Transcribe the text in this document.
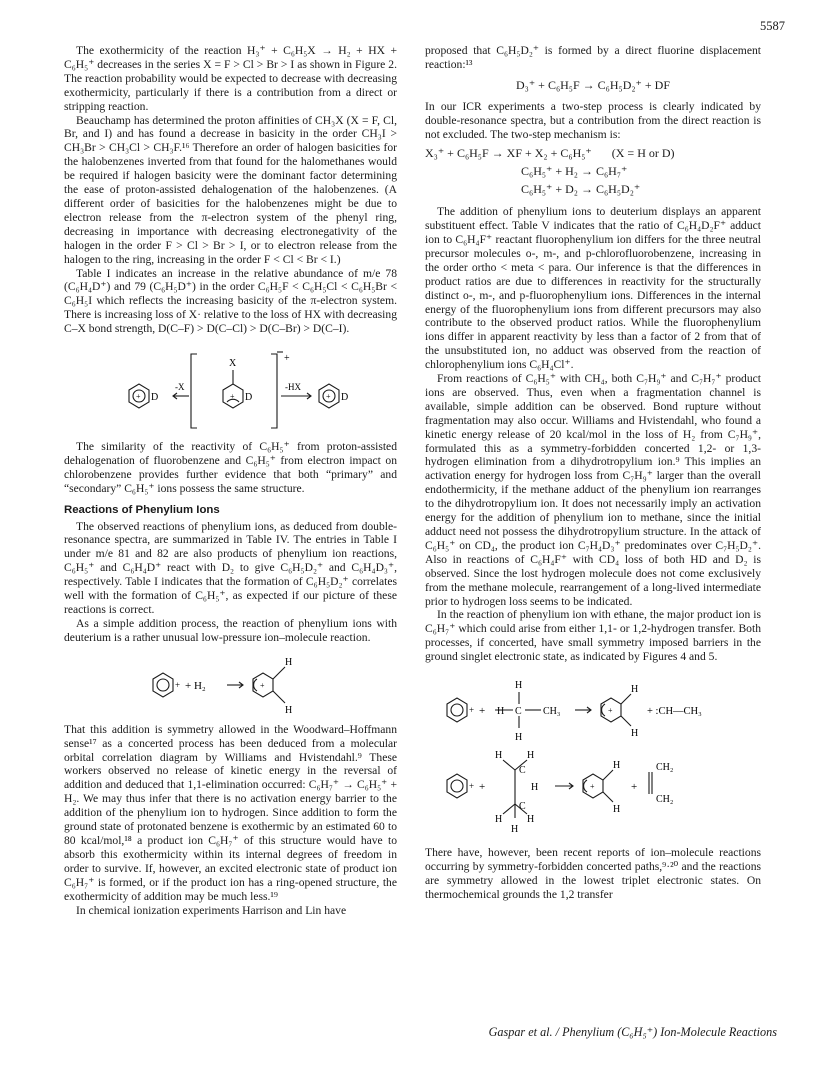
5587

The exothermicity of the reaction H₃⁺ + C₆H₅X → H₂ + HX + C₆H₅⁺ decreases in the series X = F > Cl > Br > I as shown in Figure 2. The reaction probability would be expected to decrease with decreasing exothermicity, particularly if there is a contribution from a direct or stripping reaction.

Beauchamp has determined the proton affinities of CH₃X (X = F, Cl, Br, and I) and has found a decrease in basicity in the order CH₃I > CH₃Br > CH₃Cl > CH₃F.¹⁶ Therefore an order of halogen basicities for the halobenzenes inverted from that found for the halomethanes would be required if halogen basicity were the dominant factor determining the ease of proton-assisted dehalogenation of the halobenzenes. (A different order of basicities for the halobenzenes might be due to electron release from the π-electron system of the phenyl ring, decreasing in importance with decreasing electronegativity of the halogen in the order F > Cl > Br > I, or to electron release from the halogen to the ring, increasing in the order F < Cl < Br < I.)

Table I indicates an increase in the relative abundance of m/e 78 (C₆H₄D⁺) and 79 (C₆H₅D⁺) in the order C₆H₅F < C₆H₅Cl < C₆H₅Br < C₆H₅I which reflects the increasing basicity of the π-electron system. There is increasing loss of X· relative to the loss of HX with decreasing C–X bond strength, D(C–F) > D(C–Cl) > D(C–Br) > D(C–I).

+ D
-X
X
+ D
+
-HX
+ D

The similarity of the reactivity of C₆H₅⁺ from proton-assisted dehalogenation of fluorobenzene and C₆H₅⁺ from electron impact on chlorobenzene provides further evidence that both “primary” and “secondary” C₆H₅⁺ ions possess the same structure.

Reactions of Phenylium Ions

The observed reactions of phenylium ions, as deduced from double-resonance spectra, are summarized in Table IV. The entries in Table I under m/e 81 and 82 are also products of phenylium ion reactions, C₆H₅⁺ and C₆H₄D⁺ react with D₂ to give C₆H₅D₂⁺ and C₆H₄D₃⁺, respectively. Table I indicates that the formation of C₆H₅D₂⁺ correlates well with the formation of C₆H₅⁺, as expected if our picture of these reactions is correct.

As a simple addition process, the reaction of phenylium ions with deuterium is a rather unusual low-pressure ion–molecule reaction.

+ + H₂	+
H
H

That this addition is symmetry allowed in the Woodward–Hoffmann sense¹⁷ as a concerted process has been deduced from a molecular orbital correlation diagram by Williams and Hvistendahl.⁹ These workers observed no release of kinetic energy in the reversal of addition and deduced that 1,1-elimination occurred: C₆H₇⁺ → C₆H₅⁺ + H₂. We may thus infer that there is no activation energy barrier to the addition of the phenylium ion to hydrogen. Since addition to form the ground state of protonated benzene is exothermic by an estimated 60 to 80 kcal/mol,¹⁸ a product ion C₆H₇⁺ of this structure would have to absorb this exothermicity within its internal degrees of freedom in order to survive. If, however, an excited electronic state of product ion C₆H₇⁺ is formed, or if the product ion has a ring-opened structure, the exothermicity of addition may be much less.¹⁹

In chemical ionization experiments Harrison and Lin have

proposed that C₆H₅D₂⁺ is formed by a direct fluorine displacement reaction:¹³

D₃⁺ + C₆H₅F → C₆H₅D₂⁺ + DF

In our ICR experiments a two-step process is clearly indicated by double-resonance spectra, but a contribution from the direct reaction is not excluded. The two-step mechanism is:

X₃⁺ + C₆H₅F → XF + X₂ + C₆H₅⁺ (X = H or D)
C₆H₅⁺ + H₂ → C₆H₇⁺
C₆H₅⁺ + D₂ → C₆H₅D₂⁺

The addition of phenylium ions to deuterium displays an apparent substituent effect. Table V indicates that the ratio of C₆H₄D₂F⁺ adduct ion to C₆H₄F⁺ reactant fluorophenylium ion differs for the three neutral precursor molecules o-, m-, and p-chlorofluorobenzene, increasing in the order ortho < meta < para. Our inference is that the differences in product ratios are due to differences in reactivity for the structurally distinct o-, m-, and p-fluorophenylium ions. Differences in the internal energy of the fluorophenylium ions from different precursors may also contribute to the observed product ratios. While the fluorophenylium ions differ in apparent reactivity by less than a factor of 2 from that of the unsubstituted ion, no adduct was observed from the reaction of chlorophenylium ions C₆H₄Cl⁺.

From reactions of C₆H₅⁺ with CH₄, both C₇H₉⁺ and C₇H₇⁺ product ions are observed. Thus, even when a fragmentation channel is available, simple addition can be observed. Bond rupture without fragmentation may also occur. Williams and Hvistendahl, who found a kinetic energy release of 20 kcal/mol in the loss of H₂ from C₇H₉⁺, formulated this as a symmetry-forbidden concerted 1,2- or 1,3-hydrogen elimination from a dihydrotropylium ion.⁹ This implies an activation energy for hydrogen loss from C₇H₉⁺ larger than the overall endothermicity, if the methane adduct of the phenylium ion rearranges to the dihydrotropylium ion. It does not necessarily imply an activation energy for the addition of phenylium ion to methane, since the initial adduct need not possess the dihydrotropylium structure. In the attack of C₆H₅⁺ on CD₄, the product ion C₇H₄D₃⁺ predominates over C₇H₅D₂⁺. Also in reactions of C₆H₄F⁺ with CD₄ loss of both HD and D₂ is observed. Since the lost hydrogen molecule does not come exclusively from the methane molecule, rearrangement of a long-lived intermediate prior to hydrogen loss seems to be indicated.

In the reaction of phenylium ion with ethane, the major product ion is C₆H₇⁺ which could arise from either 1,1- or 1,2-hydrogen transfer. Both processes, if concerted, have small symmetry imposed barriers in the ground singlet electronic state, as indicated by Figures 4 and 5.

+ + H C
H
H
CH₃	+
H
H
+ :CH—CH₃
+ +
H H
C
H
C
H H
H
+
H
H
+
CH₂
CH₂

There have, however, been recent reports of ion–molecule reactions occurring by symmetry-forbidden concerted paths,⁹·²⁰ and the reactions are symmetry allowed in the lowest triplet electronic states. On thermochemical grounds the 1,2 transfer

Gaspar et al. / Phenylium (C₆H₅⁺) Ion-Molecule Reactions
